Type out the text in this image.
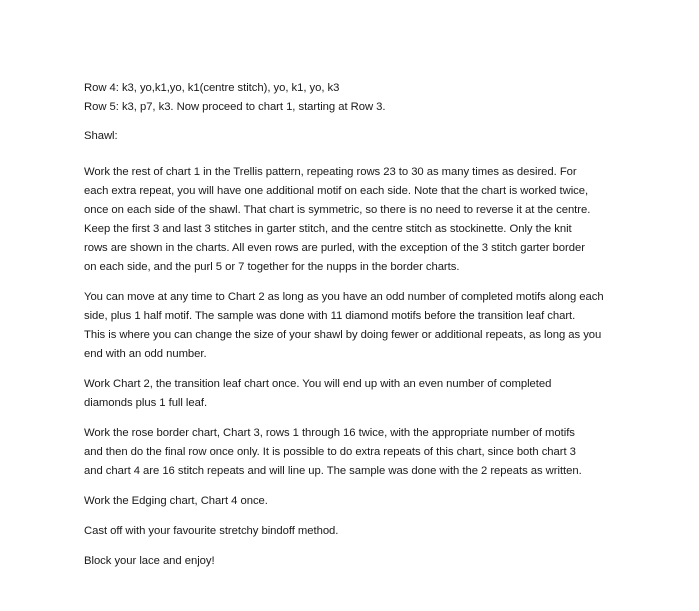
Row 4: k3, yo,k1,yo, k1(centre stitch), yo, k1, yo, k3
Row 5: k3, p7, k3. Now proceed to chart 1, starting at Row 3.

Shawl:

Work the rest of chart 1 in the Trellis pattern, repeating rows 23 to 30 as many times as desired. For
each extra repeat, you will have one additional motif on each side. Note that the chart is worked twice,
once on each side of the shawl. That chart is symmetric, so there is no need to reverse it at the centre.
Keep the first 3 and last 3 stitches in garter stitch, and the centre stitch as stockinette. Only the knit
rows are shown in the charts. All even rows are purled, with the exception of the 3 stitch garter border
on each side, and the purl 5 or 7 together for the nupps in the border charts.

You can move at any time to Chart 2 as long as you have an odd number of completed motifs along each
side, plus 1 half motif. The sample was done with 11 diamond motifs before the transition leaf chart.
This is where you can change the size of your shawl by doing fewer or additional repeats, as long as you
end with an odd number.

Work Chart 2, the transition leaf chart once. You will end up with an even number of completed
diamonds plus 1 full leaf.

Work the rose border chart, Chart 3, rows 1 through 16 twice, with the appropriate number of motifs
and then do the final row once only. It is possible to do extra repeats of this chart, since both chart 3
and chart 4 are 16 stitch repeats and will line up. The sample was done with the 2 repeats as written.

Work the Edging chart, Chart 4 once.

Cast off with your favourite stretchy bindoff method.

Block your lace and enjoy!
